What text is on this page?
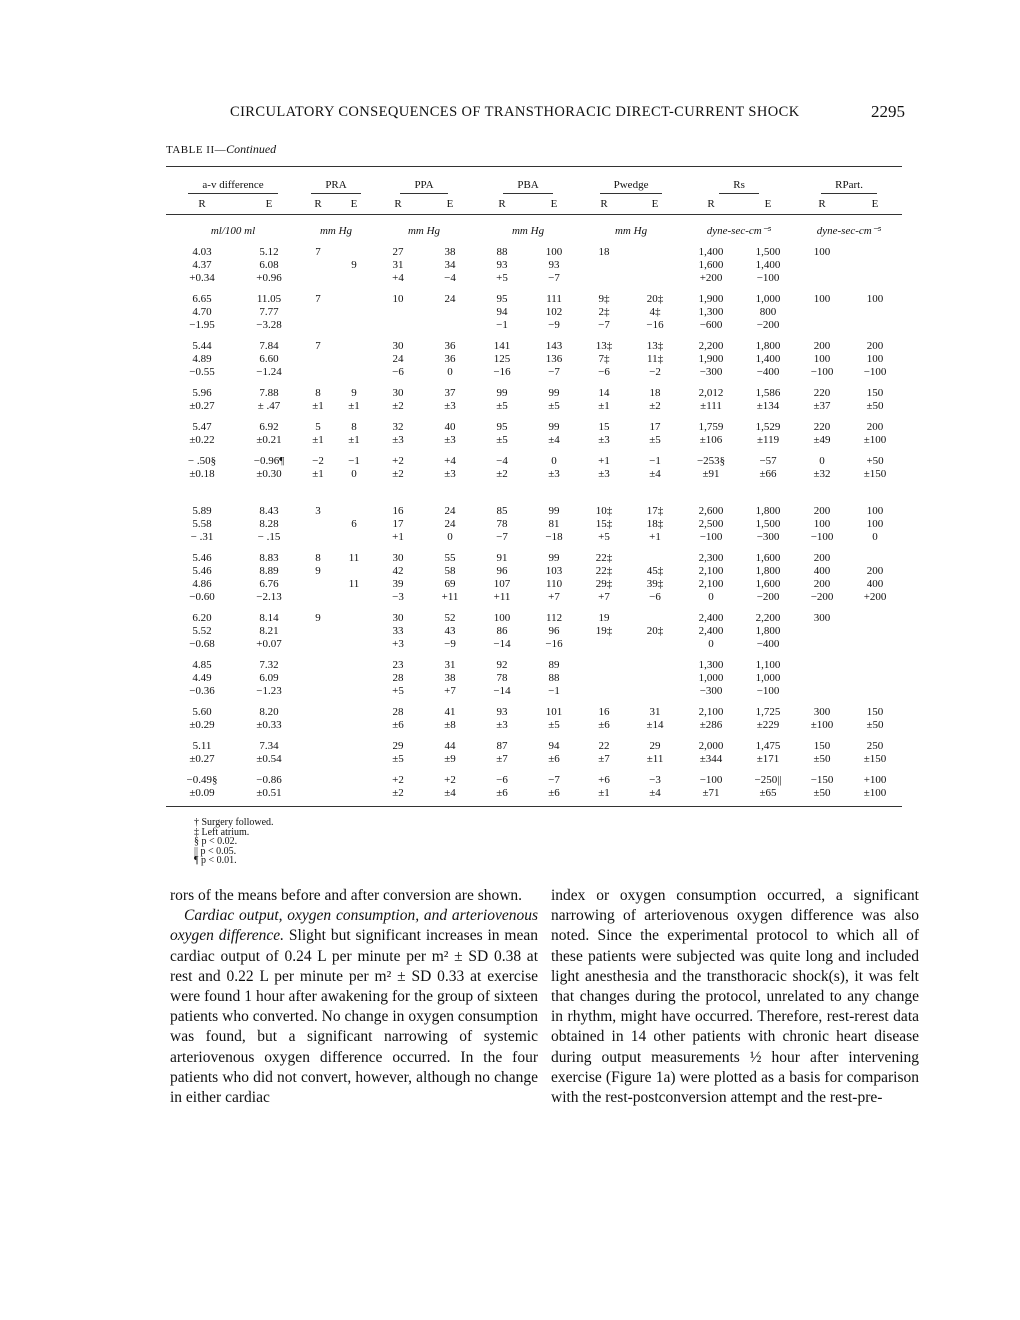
CIRCULATORY CONSEQUENCES OF TRANSTHORACIC DIRECT-CURRENT SHOCK	2295
TABLE II—Continued
a-v difference		PRA		PPA		PBA		Pwedge		Rs		RPart.	
R	E	R	E	R	E	R	E	R	E	R	E	R	E
ml/100 ml		mm Hg		mm Hg		mm Hg		mm Hg		dyne-sec-cm⁻⁵		dyne-sec-cm⁻⁵	

4.03	5.12	7		27	38	88	100	18		1,400	1,500	100	
4.37	6.08		9	31	34	93	93			1,600	1,400		
+0.34	+0.96			+4	−4	+5	−7			+200	−100		

6.65	11.05	7		10	24	95	111	9‡	20‡	1,900	1,000	100	100
4.70	7.77					94	102	2‡	4‡	1,300	800		
−1.95	−3.28					−1	−9	−7	−16	−600	−200		

5.44	7.84	7		30	36	141	143	13‡	13‡	2,200	1,800	200	200
4.89	6.60			24	36	125	136	7‡	11‡	1,900	1,400	100	100
−0.55	−1.24			−6	0	−16	−7	−6	−2	−300	−400	−100	−100

5.96	7.88	8	9	30	37	99	99	14	18	2,012	1,586	220	150
±0.27	± .47	±1	±1	±2	±3	±5	±5	±1	±2	±111	±134	±37	±50

5.47	6.92	5	8	32	40	95	99	15	17	1,759	1,529	220	200
±0.22	±0.21	±1	±1	±3	±3	±5	±4	±3	±5	±106	±119	±49	±100

− .50§	−0.96¶	−2	−1	+2	+4	−4	0	+1	−1	−253§	−57	0	+50
±0.18	±0.30	±1	0	±2	±3	±2	±3	±3	±4	±91	±66	±32	±150

5.89	8.43	3		16	24	85	99	10‡	17‡	2,600	1,800	200	100
5.58	8.28		6	17	24	78	81	15‡	18‡	2,500	1,500	100	100
− .31	− .15			+1	0	−7	−18	+5	+1	−100	−300	−100	0

5.46	8.83	8	11	30	55	91	99	22‡		2,300	1,600	200	
5.46	8.89	9		42	58	96	103	22‡	45‡	2,100	1,800	400	200
4.86	6.76		11	39	69	107	110	29‡	39‡	2,100	1,600	200	400
−0.60	−2.13			−3	+11	+11	+7	+7	−6	0	−200	−200	+200

6.20	8.14	9		30	52	100	112	19		2,400	2,200	300	
5.52	8.21			33	43	86	96	19‡	20‡	2,400	1,800		
−0.68	+0.07			+3	−9	−14	−16			0	−400		

4.85	7.32			23	31	92	89			1,300	1,100		
4.49	6.09			28	38	78	88			1,000	1,000		
−0.36	−1.23			+5	+7	−14	−1			−300	−100		

5.60	8.20			28	41	93	101	16	31	2,100	1,725	300	150
±0.29	±0.33			±6	±8	±3	±5	±6	±14	±286	±229	±100	±50

5.11	7.34			29	44	87	94	22	29	2,000	1,475	150	250
±0.27	±0.54			±5	±9	±7	±6	±7	±11	±344	±171	±50	±150

−0.49§	−0.86			+2	+2	−6	−7	+6	−3	−100	−250||	−150	+100
±0.09	±0.51			±2	±4	±6	±6	±1	±4	±71	±65	±50	±100
† Surgery followed.
‡ Left atrium.
§ p < 0.02.
|| p < 0.05.
¶ p < 0.01.

rors of the means before and after conversion are shown.

Cardiac output, oxygen consumption, and arteriovenous oxygen difference. Slight but significant increases in mean cardiac output of 0.24 L per minute per m² ± SD 0.38 at rest and 0.22 L per minute per m² ± SD 0.33 at exercise were found 1 hour after awakening for the group of sixteen patients who converted. No change in oxygen consumption was found, but a significant narrowing of systemic arteriovenous oxygen difference occurred. In the four patients who did not convert, however, although no change in either cardiac

index or oxygen consumption occurred, a significant narrowing of arteriovenous oxygen difference was also noted. Since the experimental protocol to which all of these patients were subjected was quite long and included light anesthesia and the transthoracic shock(s), it was felt that changes during the protocol, unrelated to any change in rhythm, might have occurred. Therefore, rest-rerest data obtained in 14 other patients with chronic heart disease during output measurements ½ hour after intervening exercise (Figure 1a) were plotted as a basis for comparison with the rest-postconversion attempt and the rest-pre-
